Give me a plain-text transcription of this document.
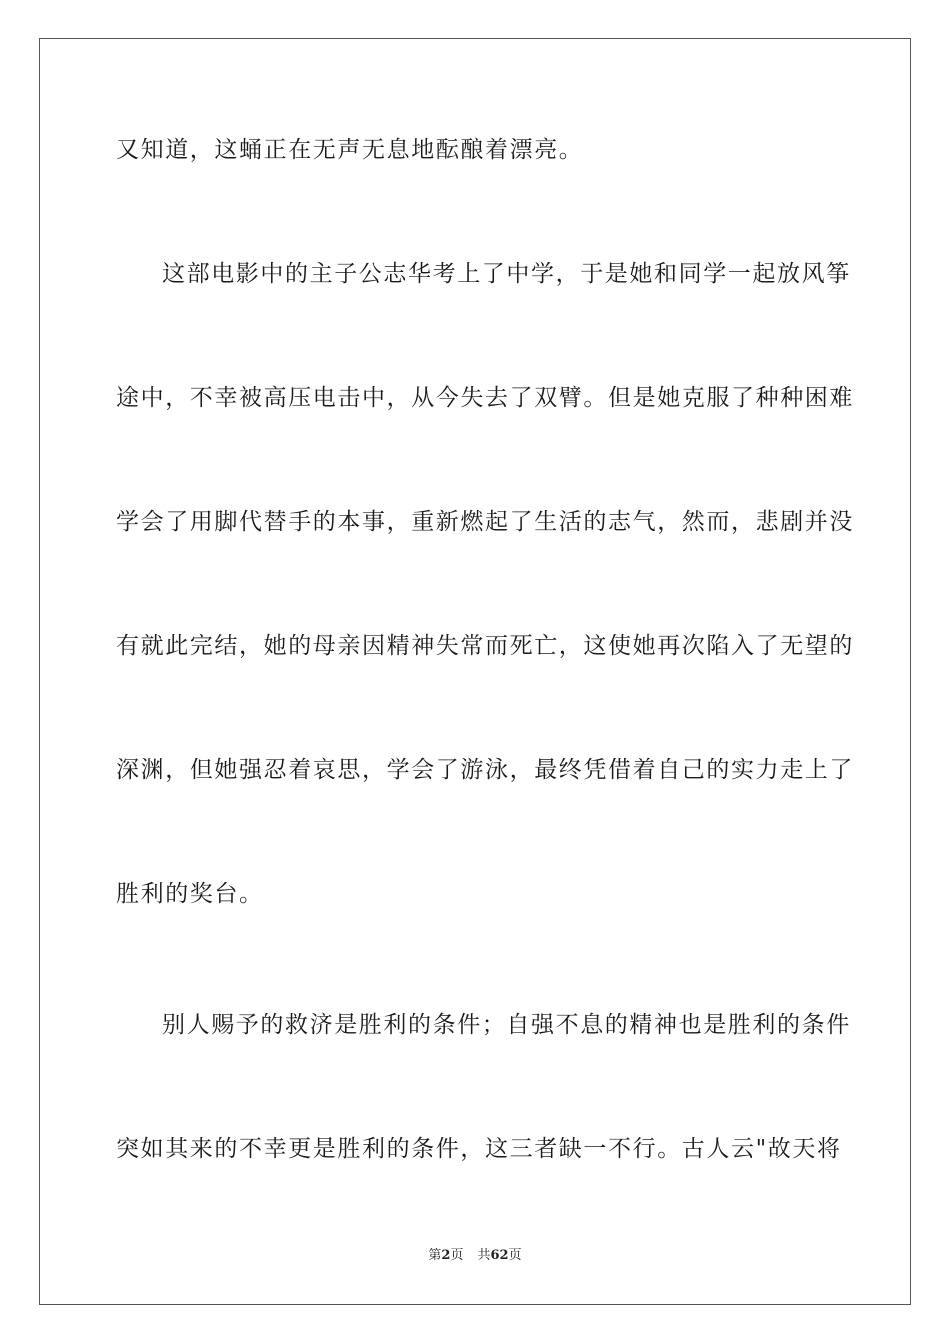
又知道，这蛹正在无声无息地酝酿着漂亮。
这部电影中的主子公志华考上了中学，于是她和同学一起放风筝
途中，不幸被高压电击中，从今失去了双臂。但是她克服了种种困难
学会了用脚代替手的本事，重新燃起了生活的志气，然而，悲剧并没
有就此完结，她的母亲因精神失常而死亡，这使她再次陷入了无望的
深渊，但她强忍着哀思，学会了游泳，最终凭借着自己的实力走上了
胜利的奖台。
别人赐予的救济是胜利的条件；自强不息的精神也是胜利的条件
突如其来的不幸更是胜利的条件，这三者缺一不行。古人云"故天将
第2页 共62页
